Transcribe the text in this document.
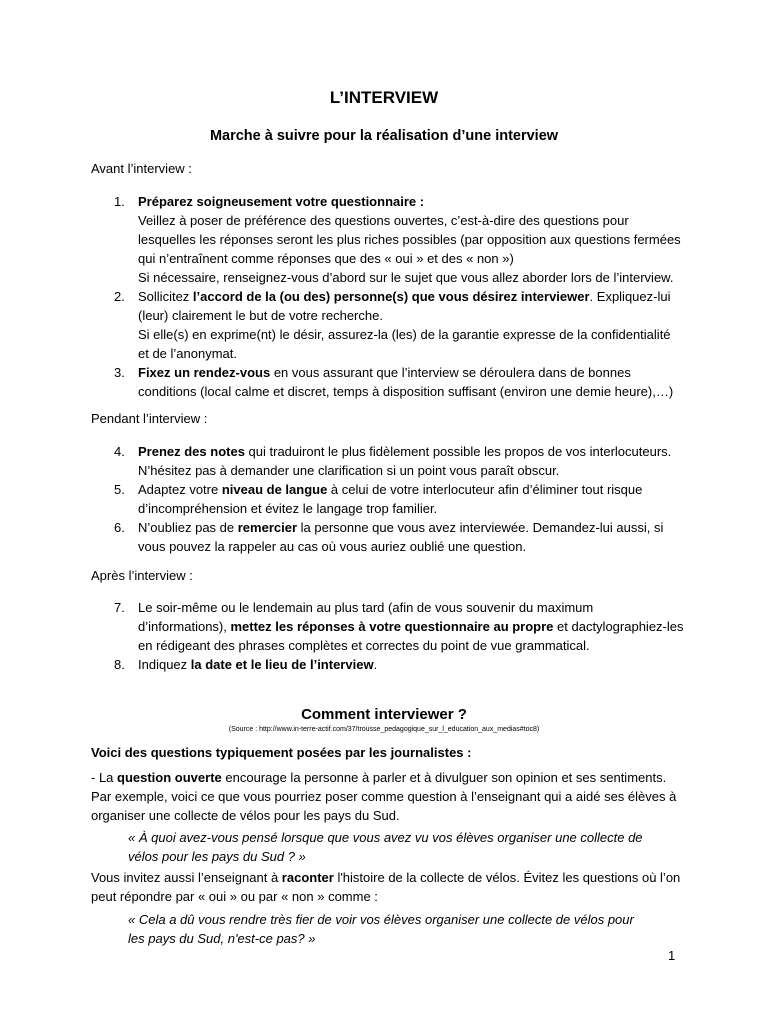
L’INTERVIEW
Marche à suivre pour la réalisation d’une interview
Avant l’interview :
1. Préparez soigneusement votre questionnaire :

Veillez à poser de préférence des questions ouvertes, c’est-à-dire des questions pour

lesquelles les réponses seront les plus riches possibles (par opposition aux questions fermées

qui n’entraînent comme réponses que des « oui » et des « non »)

Si nécessaire, renseignez-vous d’abord sur le sujet que vous allez aborder lors de l’interview.

2. Sollicitez l’accord de la (ou des) personne(s) que vous désirez interviewer. Expliquez-lui

(leur) clairement le but de votre recherche.

Si elle(s) en exprime(nt) le désir, assurez-la (les) de la garantie expresse de la confidentialité

et de l’anonymat.

3. Fixez un rendez-vous en vous assurant que l’interview se déroulera dans de bonnes

conditions (local calme et discret, temps à disposition suffisant (environ une demie heure),…)

Pendant l’interview :
4. Prenez des notes qui traduiront le plus fidèlement possible les propos de vos interlocuteurs.

N’hésitez pas à demander une clarification si un point vous paraît obscur.

5. Adaptez votre niveau de langue à celui de votre interlocuteur afin d’éliminer tout risque

d’incompréhension et évitez le langage trop familier.

6. N’oubliez pas de remercier la personne que vous avez interviewée. Demandez-lui aussi, si

vous pouvez la rappeler au cas où vous auriez oublié une question.

Après l’interview :
7. Le soir-même ou le lendemain au plus tard (afin de vous souvenir du maximum

d’informations), mettez les réponses à votre questionnaire au propre et dactylographiez-les

en rédigeant des phrases complètes et correctes du point de vue grammatical.

8. Indiquez la date et le lieu de l’interview.

Comment interviewer ?
(Source : http://www.in-terre-actif.com/37/trousse_pedagogique_sur_l_education_aux_medias#toc8)
Voici des questions typiquement posées par les journalistes :

- La question ouverte encourage la personne à parler et à divulguer son opinion et ses sentiments.

Par exemple, voici ce que vous pourriez poser comme question à l’enseignant qui a aidé ses élèves à

organiser une collecte de vélos pour les pays du Sud.

« À quoi avez-vous pensé lorsque que vous avez vu vos élèves organiser une collecte de

vélos pour les pays du Sud ? »

Vous invitez aussi l’enseignant à raconter l'histoire de la collecte de vélos. Évitez les questions où l’on

peut répondre par « oui » ou par « non » comme :

« Cela a dû vous rendre très fier de voir vos élèves organiser une collecte de vélos pour

les pays du Sud, n'est-ce pas? »

1
